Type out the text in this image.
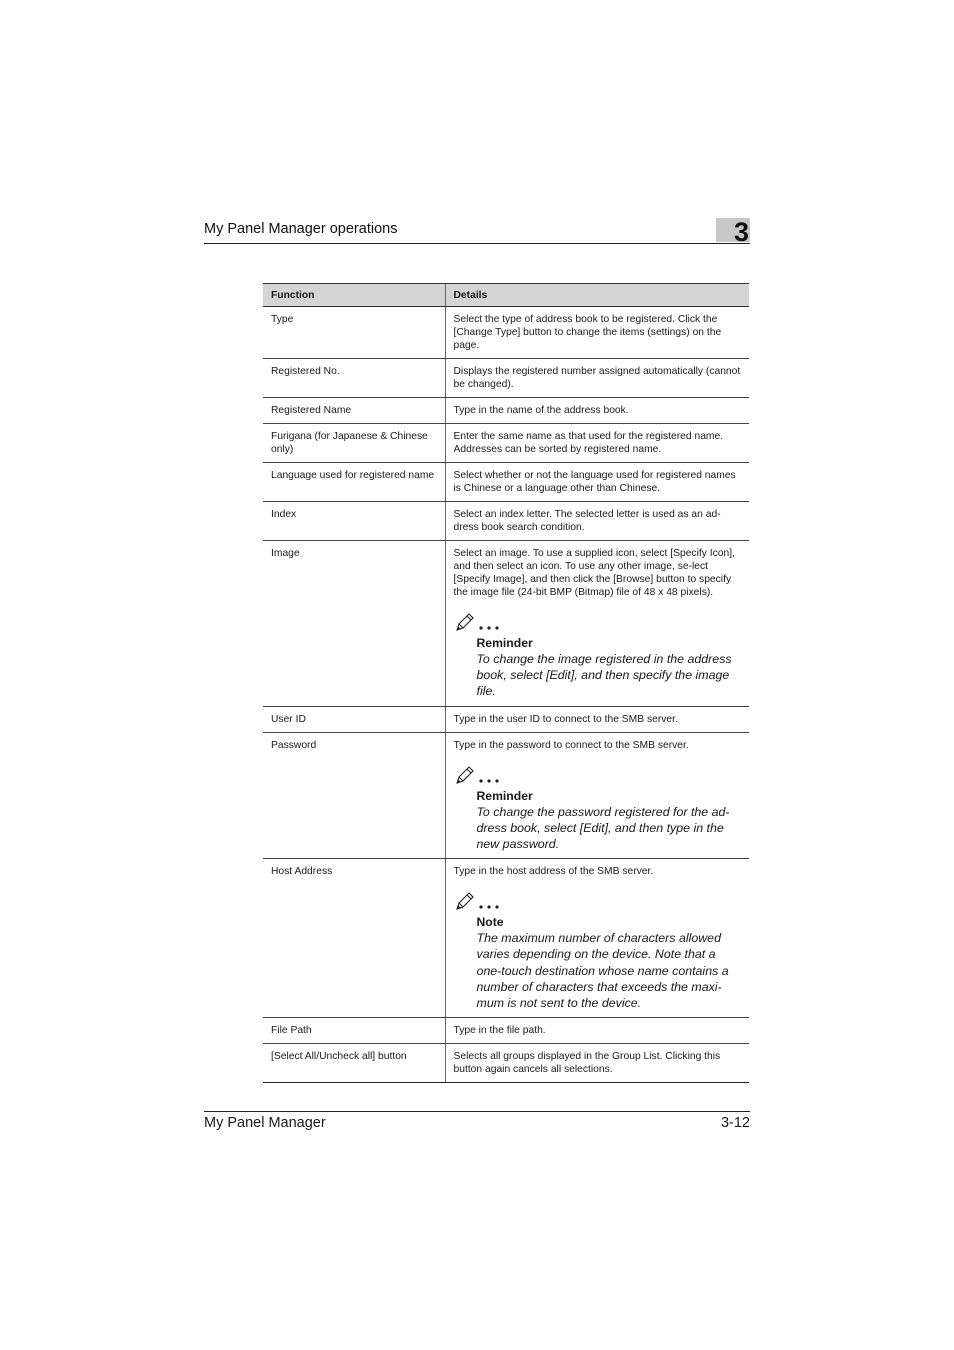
My Panel Manager operations	3
Function	Details
Type	Select the type of address book to be registered. Click the [Change Type] button to change the items (settings) on the page.
Registered No.	Displays the registered number assigned automatically (cannot be changed).
Registered Name	Type in the name of the address book.
Furigana (for Japanese & Chinese only)	Enter the same name as that used for the registered name. Addresses can be sorted by registered name.
Language used for registered name	Select whether or not the language used for registered names is Chinese or a language other than Chinese.
Index	Select an index letter. The selected letter is used as an ad-dress book search condition.
Image	Select an image. To use a supplied icon, select [Specify Icon], and then select an icon. To use any other image, se-lect [Specify Image], and then click the [Browse] button to specify the image file (24-bit BMP (Bitmap) file of 48 x 48 pixels).
Reminder
To change the image registered in the address book, select [Edit], and then specify the image file.

User ID	Type in the user ID to connect to the SMB server.
Password	Type in the password to connect to the SMB server.
Reminder
To change the password registered for the ad-dress book, select [Edit], and then type in the new password.

Host Address	Type in the host address of the SMB server.
Note
The maximum number of characters allowed varies depending on the device. Note that a one-touch destination whose name contains a number of characters that exceeds the maxi-mum is not sent to the device.

File Path	Type in the file path.
[Select All/Uncheck all] button	Selects all groups displayed in the Group List. Clicking this button again cancels all selections.
My Panel Manager	3-12
